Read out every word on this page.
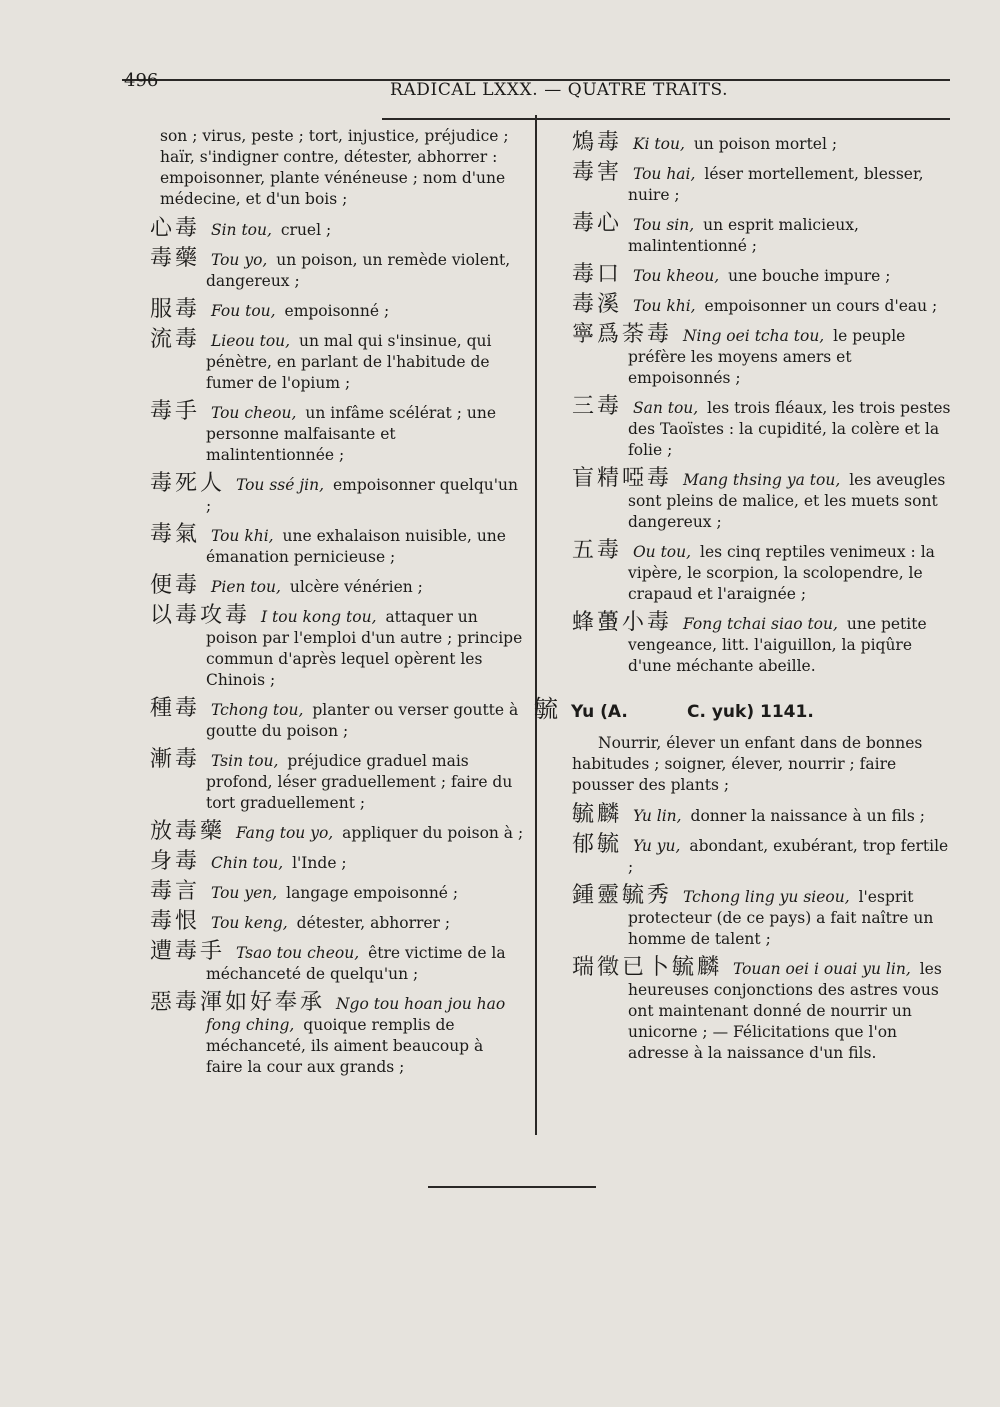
496	RADICAL LXXX. — QUATRE TRAITS.

son ; virus, peste ; tort, injustice, préjudice ; haïr, s'indigner contre, détester, abhorrer : empoisonner, plante vénéneuse ; nom d'une médecine, et d'un bois ;

心毒 Sin tou, cruel ;

毒藥 Tou yo, un poison, un remède violent, dangereux ;

服毒 Fou tou, empoisonné ;

流毒 Lieou tou, un mal qui s'insinue, qui pénètre, en parlant de l'habitude de fumer de l'opium ;

毒手 Tou cheou, un infâme scélérat ; une personne malfaisante et malintentionnée ;

毒死人 Tou ssé jin, empoisonner quelqu'un ;

毒氣 Tou khi, une exhalaison nuisible, une émanation pernicieuse ;

便毒 Pien tou, ulcère vénérien ;

以毒攻毒 I tou kong tou, attaquer un poison par l'emploi d'un autre ; principe commun d'après lequel opèrent les Chinois ;

種毒 Tchong tou, planter ou verser goutte à goutte du poison ;

漸毒 Tsin tou, préjudice graduel mais profond, léser graduellement ; faire du tort graduellement ;

放毒藥 Fang tou yo, appliquer du poison à ;

身毒 Chin tou, l'Inde ;

毒言 Tou yen, langage empoisonné ;

毒恨 Tou keng, détester, abhorrer ;

遭毒手 Tsao tou cheou, être victime de la méchanceté de quelqu'un ;

惡毒渾如好奉承 Ngo tou hoan jou hao fong ching, quoique remplis de méchanceté, ils aiment beaucoup à faire la cour aux grands ;

鴆毒 Ki tou, un poison mortel ;

毒害 Tou hai, léser mortellement, blesser, nuire ;

毒心 Tou sin, un esprit malicieux, malintentionné ;

毒口 Tou kheou, une bouche impure ;

毒溪 Tou khi, empoisonner un cours d'eau ;

寧爲荼毒 Ning oei tcha tou, le peuple préfère les moyens amers et empoisonnés ;

三毒 San tou, les trois fléaux, les trois pestes des Taoïstes : la cupidité, la colère et la folie ;

盲精啞毒 Mang thsing ya tou, les aveugles sont pleins de malice, et les muets sont dangereux ;

五毒 Ou tou, les cinq reptiles venimeux : la vipère, le scorpion, la scolopendre, le crapaud et l'araignée ;

蜂蠆小毒 Fong tchai siao tou, une petite vengeance, litt. l'aiguillon, la piqûre d'une méchante abeille.

毓 Yu (A.          C. yuk) 1141.

Nourrir, élever un enfant dans de bonnes habitudes ; soigner, élever, nourrir ; faire pousser des plants ;

毓麟 Yu lin, donner la naissance à un fils ;

郁毓 Yu yu, abondant, exubérant, trop fertile ;

鍾靈毓秀 Tchong ling yu sieou, l'esprit protecteur (de ce pays) a fait naître un homme de talent ;

瑞徵已卜毓麟 Touan oei i ouai yu lin, les heureuses conjonctions des astres vous ont maintenant donné de nourrir un unicorne ; — Félicitations que l'on adresse à la naissance d'un fils.
